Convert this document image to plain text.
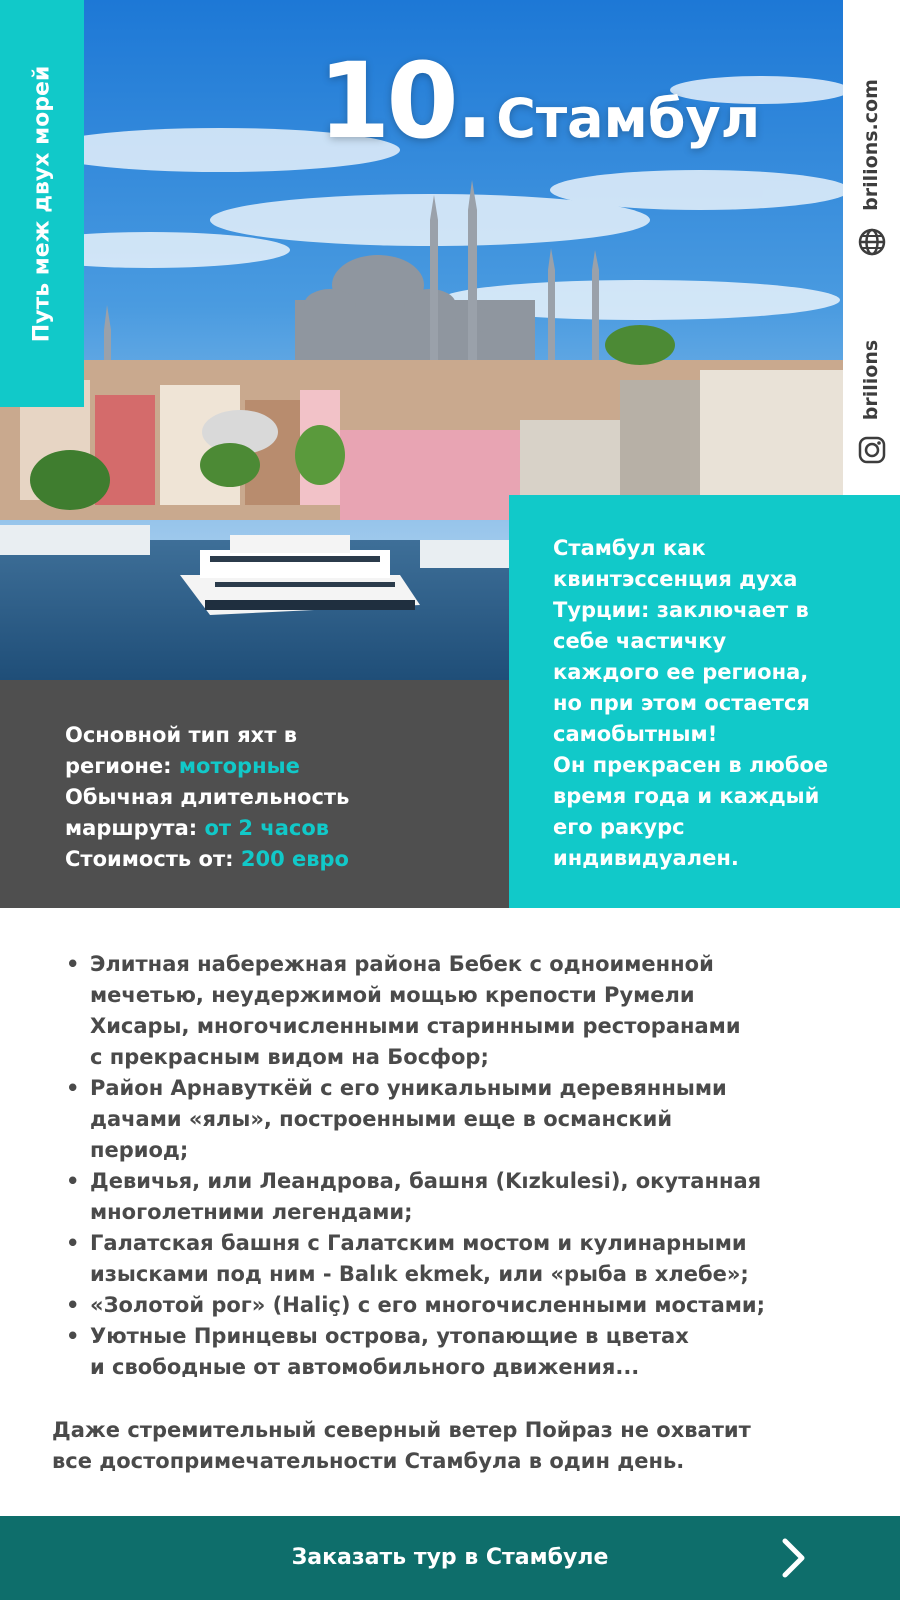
Путь меж двух морей	10. Стамбул	brilions.com
brilions
Основной тип яхт в
регионе: моторные
Обычная длительность
маршрута: от 2 часов
Стоимость от: 200 евро
Стамбул как
квинтэссенция духа
Турции: заключает в
себе частичку
каждого ее региона,
но при этом остается
самобытным!
Он прекрасен в любое
время года и каждый
его ракурс
индивидуален.
• Элитная набережная района Бебек с одноименной
мечетью, неудержимой мощью крепости Румели
Хисары, многочисленными старинными ресторанами
с прекрасным видом на Босфор;
• Район Арнавуткёй с его уникальными деревянными
дачами «ялы», построенными еще в османский
период;
• Девичья, или Леандрова, башня (Kızkulesi), окутанная
многолетними легендами;
• Галатская башня с Галатским мостом и кулинарными
изысками под ним - Balık ekmek, или «рыба в хлебе»;
• «Золотой рог» (Haliç) с его многочисленными мостами;
• Уютные Принцевы острова, утопающие в цветах
и свободные от автомобильного движения...
Даже стремительный северный ветер Пойраз не охватит
все достопримечательности Стамбула в один день.
Заказать тур в Стамбуле
